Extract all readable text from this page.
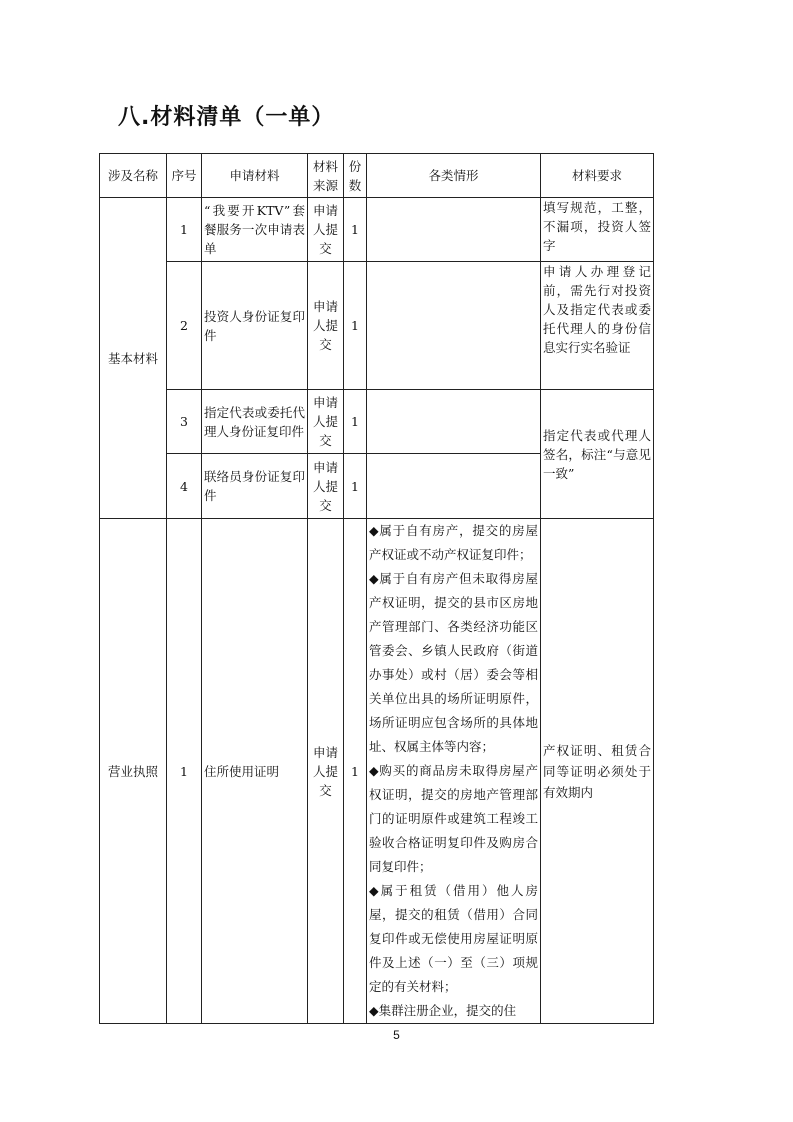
八.材料清单（一单）
涉及名称	序号	申请材料	材料来源	份数	各类情形	材料要求
基本材料	1	“我要开KTV”套餐服务一次申请表单	申请人提交	1		填写规范，工整，不漏项，投资人签字
	2	投资人身份证复印件	申请人提交	1		申请人办理登记前，需先行对投资人及指定代表或委托代理人的身份信息实行实名验证
	3	指定代表或委托代理人身份证复印件	申请人提交	1		指定代表或代理人签名，标注“与意见一致”
	4	联络员身份证复印件	申请人提交	1		
营业执照	1	住所使用证明	申请人提交	1	◆属于自有房产，提交的房屋产权证或不动产权证复印件；
◆属于自有房产但未取得房屋产权证明，提交的县市区房地产管理部门、各类经济功能区管委会、乡镇人民政府（街道办事处）或村（居）委会等相关单位出具的场所证明原件，场所证明应包含场所的具体地址、权属主体等内容；
◆购买的商品房未取得房屋产权证明，提交的房地产管理部门的证明原件或建筑工程竣工验收合格证明复印件及购房合同复印件；
◆属于租赁（借用）他人房屋，提交的租赁（借用）合同复印件或无偿使用房屋证明原件及上述（一）至（三）项规定的有关材料；
◆集群注册企业，提交的住	产权证明、租赁合同等证明必须处于有效期内
5
